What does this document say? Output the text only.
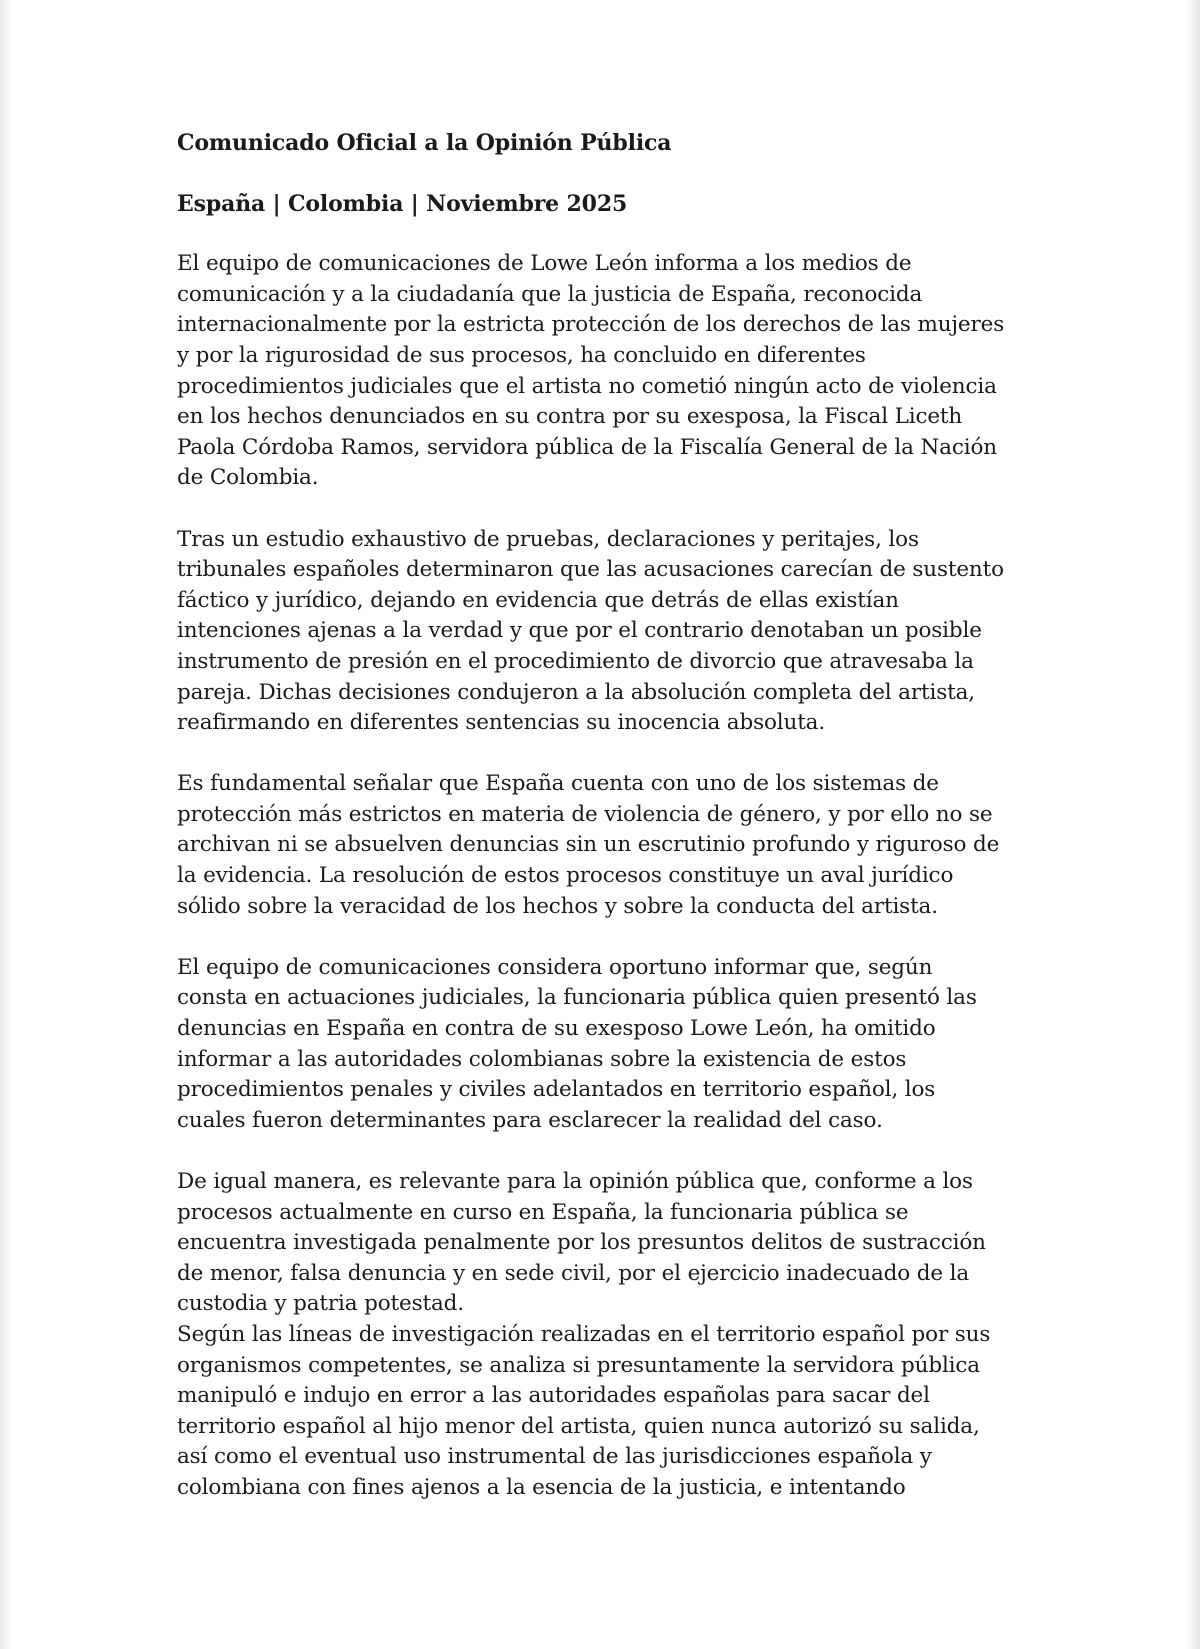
Comunicado Oficial a la Opinión Pública

España | Colombia | Noviembre 2025

El equipo de comunicaciones de Lowe León informa a los medios de
comunicación y a la ciudadanía que la justicia de España, reconocida
internacionalmente por la estricta protección de los derechos de las mujeres
y por la rigurosidad de sus procesos, ha concluido en diferentes
procedimientos judiciales que el artista no cometió ningún acto de violencia
en los hechos denunciados en su contra por su exesposa, la Fiscal Liceth
Paola Córdoba Ramos, servidora pública de la Fiscalía General de la Nación
de Colombia.

Tras un estudio exhaustivo de pruebas, declaraciones y peritajes, los
tribunales españoles determinaron que las acusaciones carecían de sustento
fáctico y jurídico, dejando en evidencia que detrás de ellas existían
intenciones ajenas a la verdad y que por el contrario denotaban un posible
instrumento de presión en el procedimiento de divorcio que atravesaba la
pareja. Dichas decisiones condujeron a la absolución completa del artista,
reafirmando en diferentes sentencias su inocencia absoluta.

Es fundamental señalar que España cuenta con uno de los sistemas de
protección más estrictos en materia de violencia de género, y por ello no se
archivan ni se absuelven denuncias sin un escrutinio profundo y riguroso de
la evidencia. La resolución de estos procesos constituye un aval jurídico
sólido sobre la veracidad de los hechos y sobre la conducta del artista.

El equipo de comunicaciones considera oportuno informar que, según
consta en actuaciones judiciales, la funcionaria pública quien presentó las
denuncias en España en contra de su exesposo Lowe León, ha omitido
informar a las autoridades colombianas sobre la existencia de estos
procedimientos penales y civiles adelantados en territorio español, los
cuales fueron determinantes para esclarecer la realidad del caso.

De igual manera, es relevante para la opinión pública que, conforme a los
procesos actualmente en curso en España, la funcionaria pública se
encuentra investigada penalmente por los presuntos delitos de sustracción
de menor, falsa denuncia y en sede civil, por el ejercicio inadecuado de la
custodia y patria potestad.

Según las líneas de investigación realizadas en el territorio español por sus
organismos competentes, se analiza si presuntamente la servidora pública
manipuló e indujo en error a las autoridades españolas para sacar del
territorio español al hijo menor del artista, quien nunca autorizó su salida,
así como el eventual uso instrumental de las jurisdicciones española y
colombiana con fines ajenos a la esencia de la justicia, e intentando
